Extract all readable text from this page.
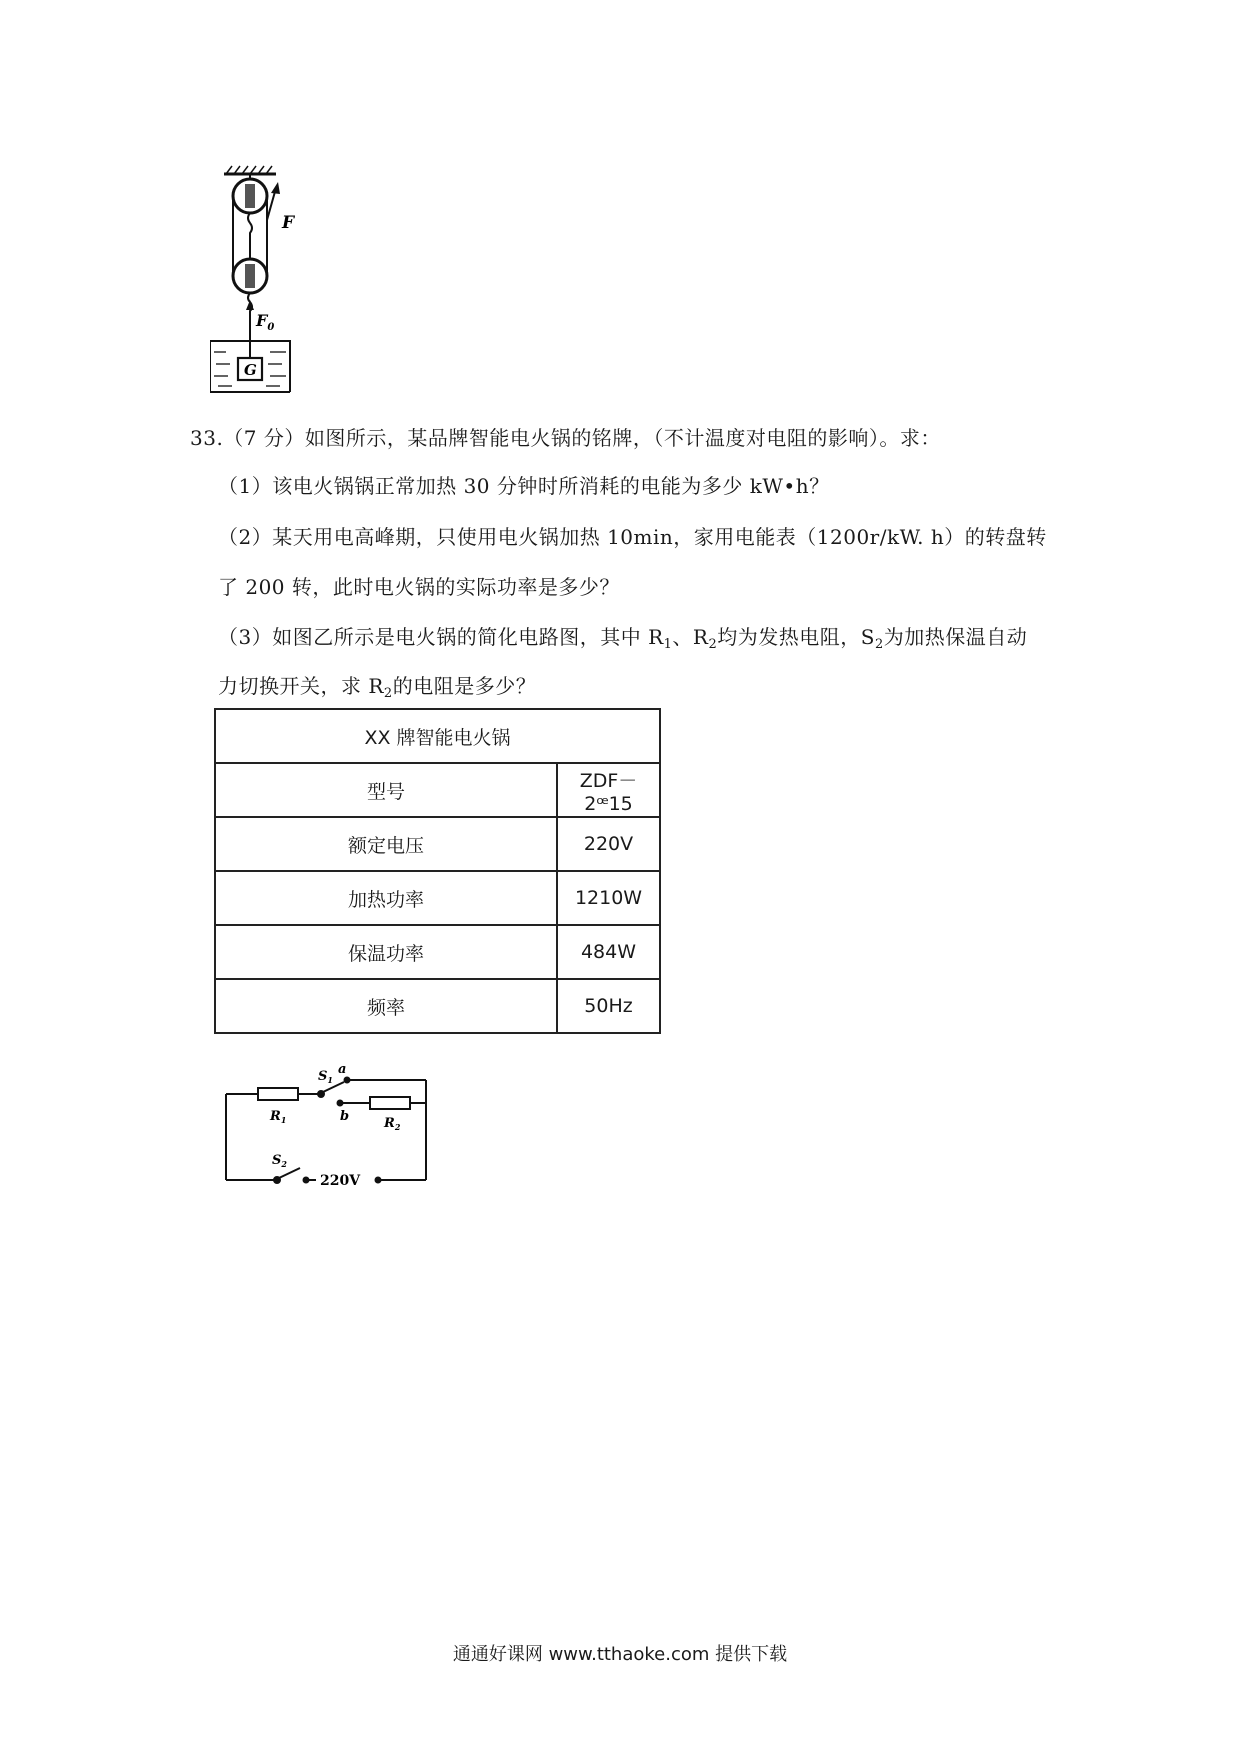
G
F
$F_0$
33.（7 分）如图所示，某品牌智能电火锅的铭牌，（不计温度对电阻的影响）。求：
（1）该电火锅锅正常加热 30 分钟时所消耗的电能为多少 kW•h？
（2）某天用电高峰期，只使用电火锅加热 10min，家用电能表（1200r/kW. h）的转盘转
了 200 转，此时电火锅的实际功率是多少？
（3）如图乙所示是电火锅的简化电路图，其中 $R_1$、$R_2$均为发热电阻，$S_2$为加热保温自动
力切换开关，求 $R_2$的电阻是多少？
XX 牌智能电火锅	
型号	ZDF－2ꟹ15
额定电压	220V
加热功率	1210W
保温功率	484W
频率	50Hz
$R_1$	$R_2$
$S_1$
$S_2$
a
b
220V
通通好课网 www.tthaoke.com 提供下载
